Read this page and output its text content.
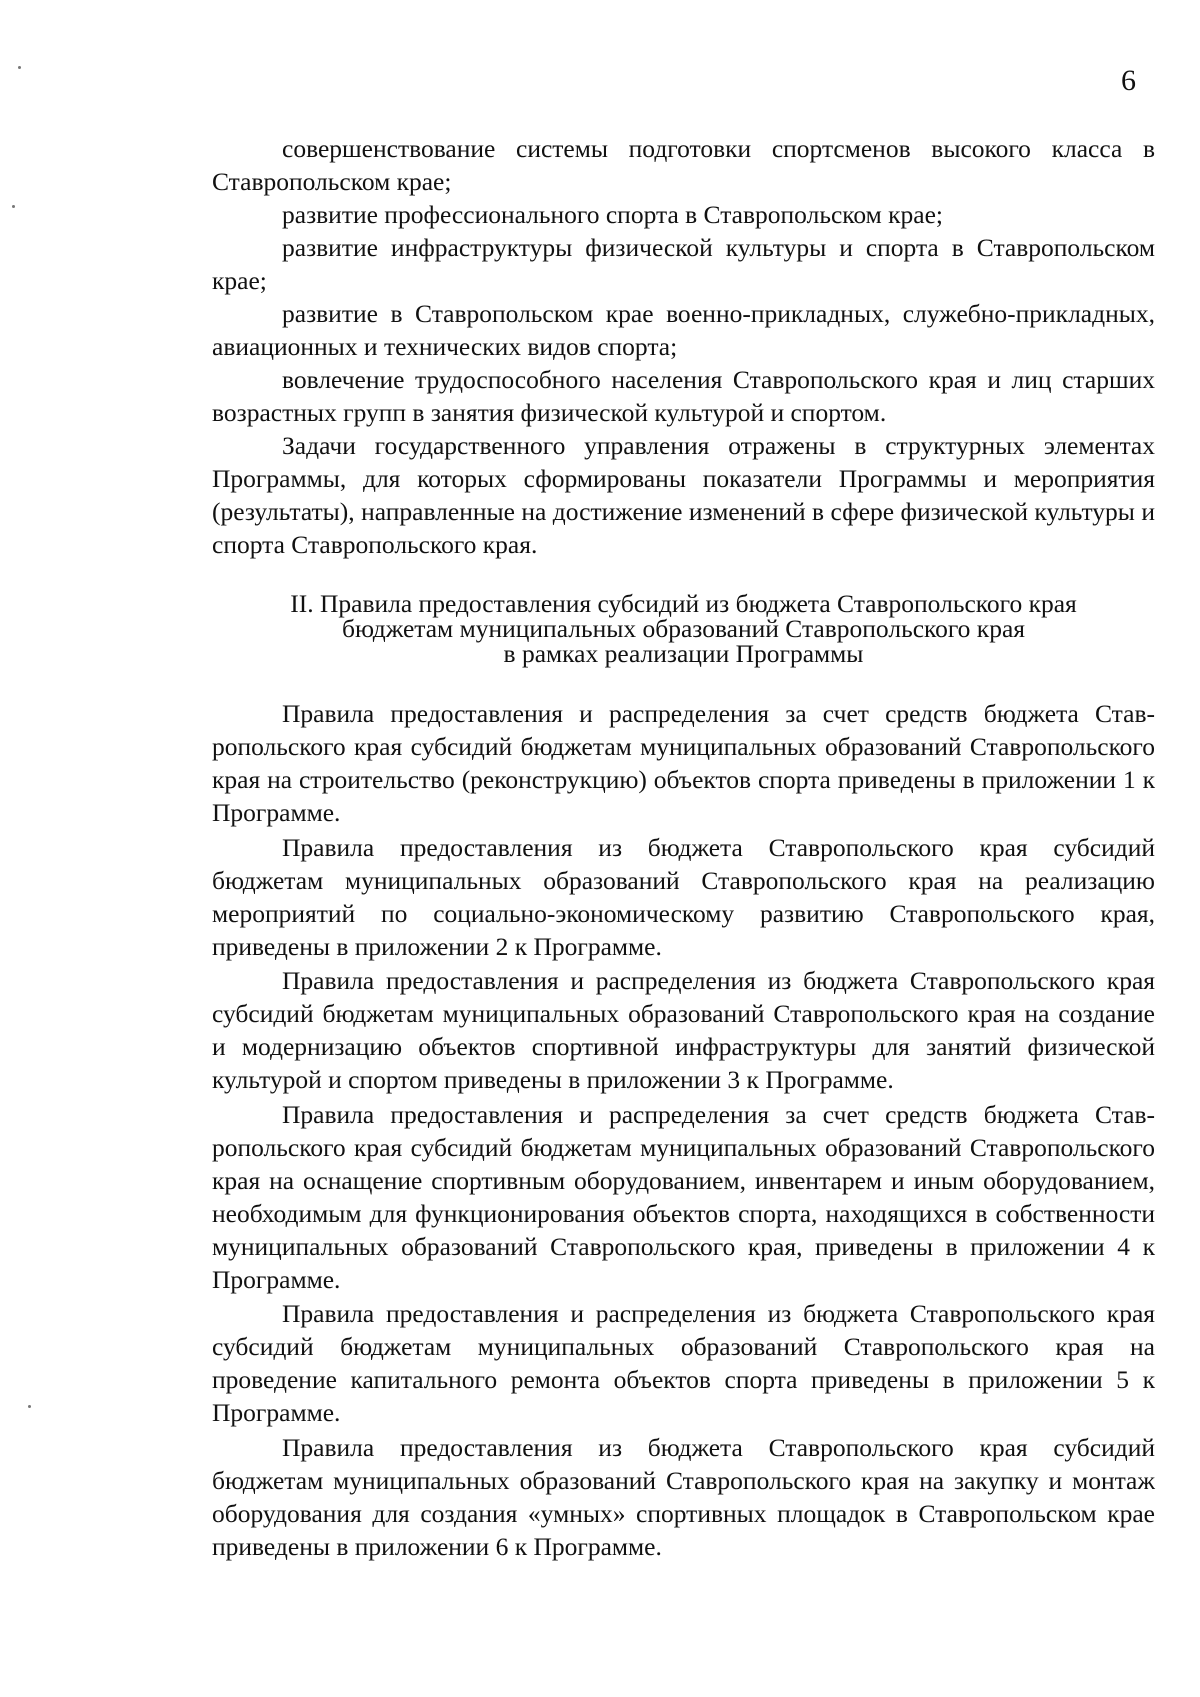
6

совершенствование системы подготовки спортсменов высокого класса в Ставропольском крае;

развитие профессионального спорта в Ставропольском крае;

развитие инфраструктуры физической культуры и спорта в Ставропольском крае;

развитие в Ставропольском крае военно-прикладных, служебно-прикладных, авиационных и технических видов спорта;

вовлечение трудоспособного населения Ставропольского края и лиц старших возрастных групп в занятия физической культурой и спортом.

Задачи государственного управления отражены в структурных элементах Программы, для которых сформированы показатели Программы и мероприятия (результаты), направленные на достижение изменений в сфере физической культуры и спорта Ставропольского края.

II. Правила предоставления субсидий из бюджета Ставропольского края
бюджетам муниципальных образований Ставропольского края
в рамках реализации Программы

Правила предоставления и распределения за счет средств бюджета Ставропольского края субсидий бюджетам муниципальных образований Ставропольского края на строительство (реконструкцию) объектов спорта приведены в приложении 1 к Программе.

Правила предоставления из бюджета Ставропольского края субсидий бюджетам муниципальных образований Ставропольского края на реализацию мероприятий по социально-экономическому развитию Ставропольского края, приведены в приложении 2 к Программе.

Правила предоставления и распределения из бюджета Ставропольского края субсидий бюджетам муниципальных образований Ставропольского края на создание и модернизацию объектов спортивной инфраструктуры для занятий физической культурой и спортом приведены в приложении 3 к Программе.

Правила предоставления и распределения за счет средств бюджета Ставропольского края субсидий бюджетам муниципальных образований Ставропольского края на оснащение спортивным оборудованием, инвентарем и иным оборудованием, необходимым для функционирования объектов спорта, находящихся в собственности муниципальных образований Ставропольского края, приведены в приложении 4 к Программе.

Правила предоставления и распределения из бюджета Ставропольского края субсидий бюджетам муниципальных образований Ставропольского края на проведение капитального ремонта объектов спорта приведены в приложении 5 к Программе.

Правила предоставления из бюджета Ставропольского края субсидий бюджетам муниципальных образований Ставропольского края на закупку и монтаж оборудования для создания «умных» спортивных площадок в Ставропольском крае приведены в приложении 6 к Программе.
